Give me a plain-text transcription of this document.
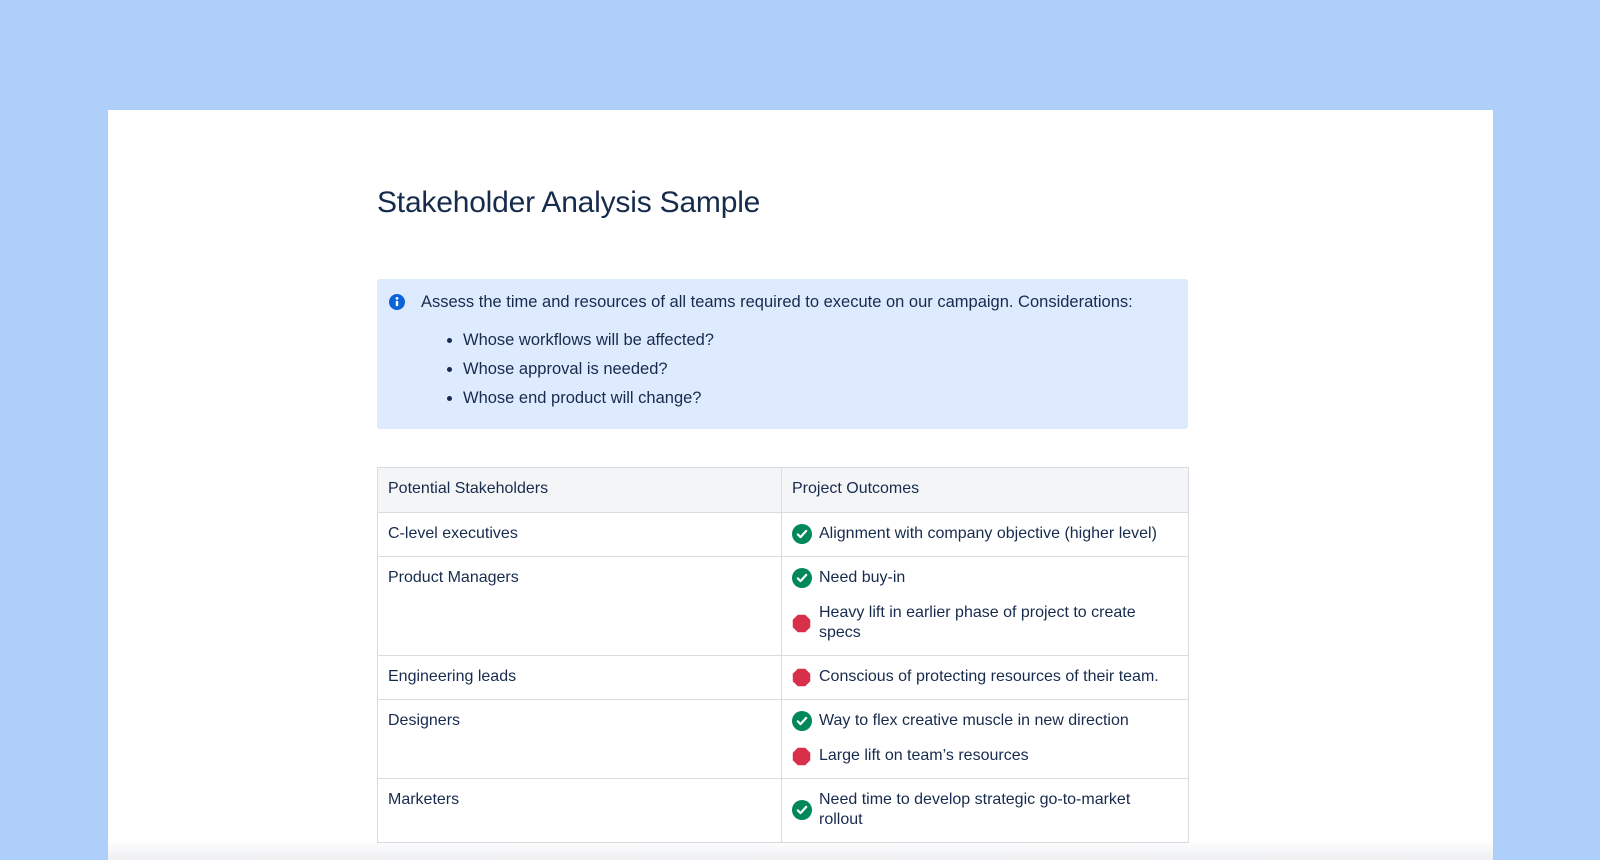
Stakeholder Analysis Sample
Assess the time and resources of all teams required to execute on our campaign. Considerations:
• Whose workflows will be affected?
• Whose approval is needed?
• Whose end product will change?
Potential Stakeholders	Project Outcomes
C-level executives	Alignment with company objective (higher level)

Product Managers	Need buy-in
Heavy lift in earlier phase of project to create specs

Engineering leads	Conscious of protecting resources of their team.

Designers	Way to flex creative muscle in new direction
Large lift on team’s resources

Marketers	Need time to develop strategic go-to-market rollout
